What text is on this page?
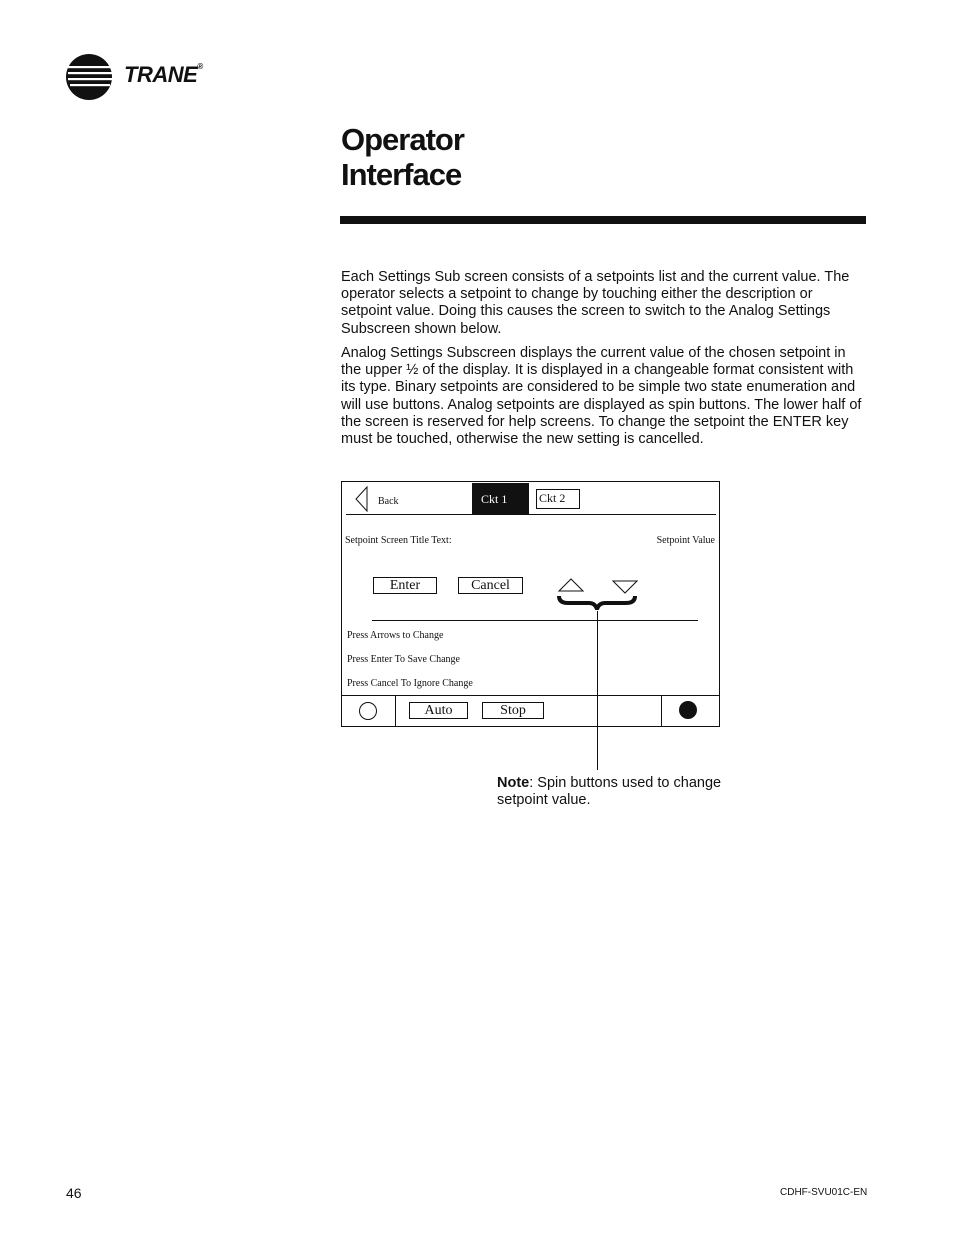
TRANE®
Operator
Interface
Each Settings Sub screen consists of a setpoints list and the current value. The operator selects a setpoint to change by touching either the description or setpoint value. Doing this causes the screen to switch to the Analog Settings Subscreen shown below.
Analog Settings Subscreen displays the current value of the chosen setpoint in the upper ½ of the display. It is displayed in a changeable format consistent with its type. Binary setpoints are considered to be simple two state enumeration and will use buttons. Analog setpoints are displayed as spin buttons. The lower half of the screen is reserved for help screens. To change the setpoint the ENTER key must be touched, otherwise the new setting is cancelled.
Back	Ckt 1	Ckt 2
Setpoint Screen Title Text:	Setpoint Value
Enter	Cancel
Press Arrows to Change
Press Enter To Save Change
Press Cancel To Ignore Change
Auto	Stop
Note: Spin buttons used to change setpoint value.
46	CDHF-SVU01C-EN
